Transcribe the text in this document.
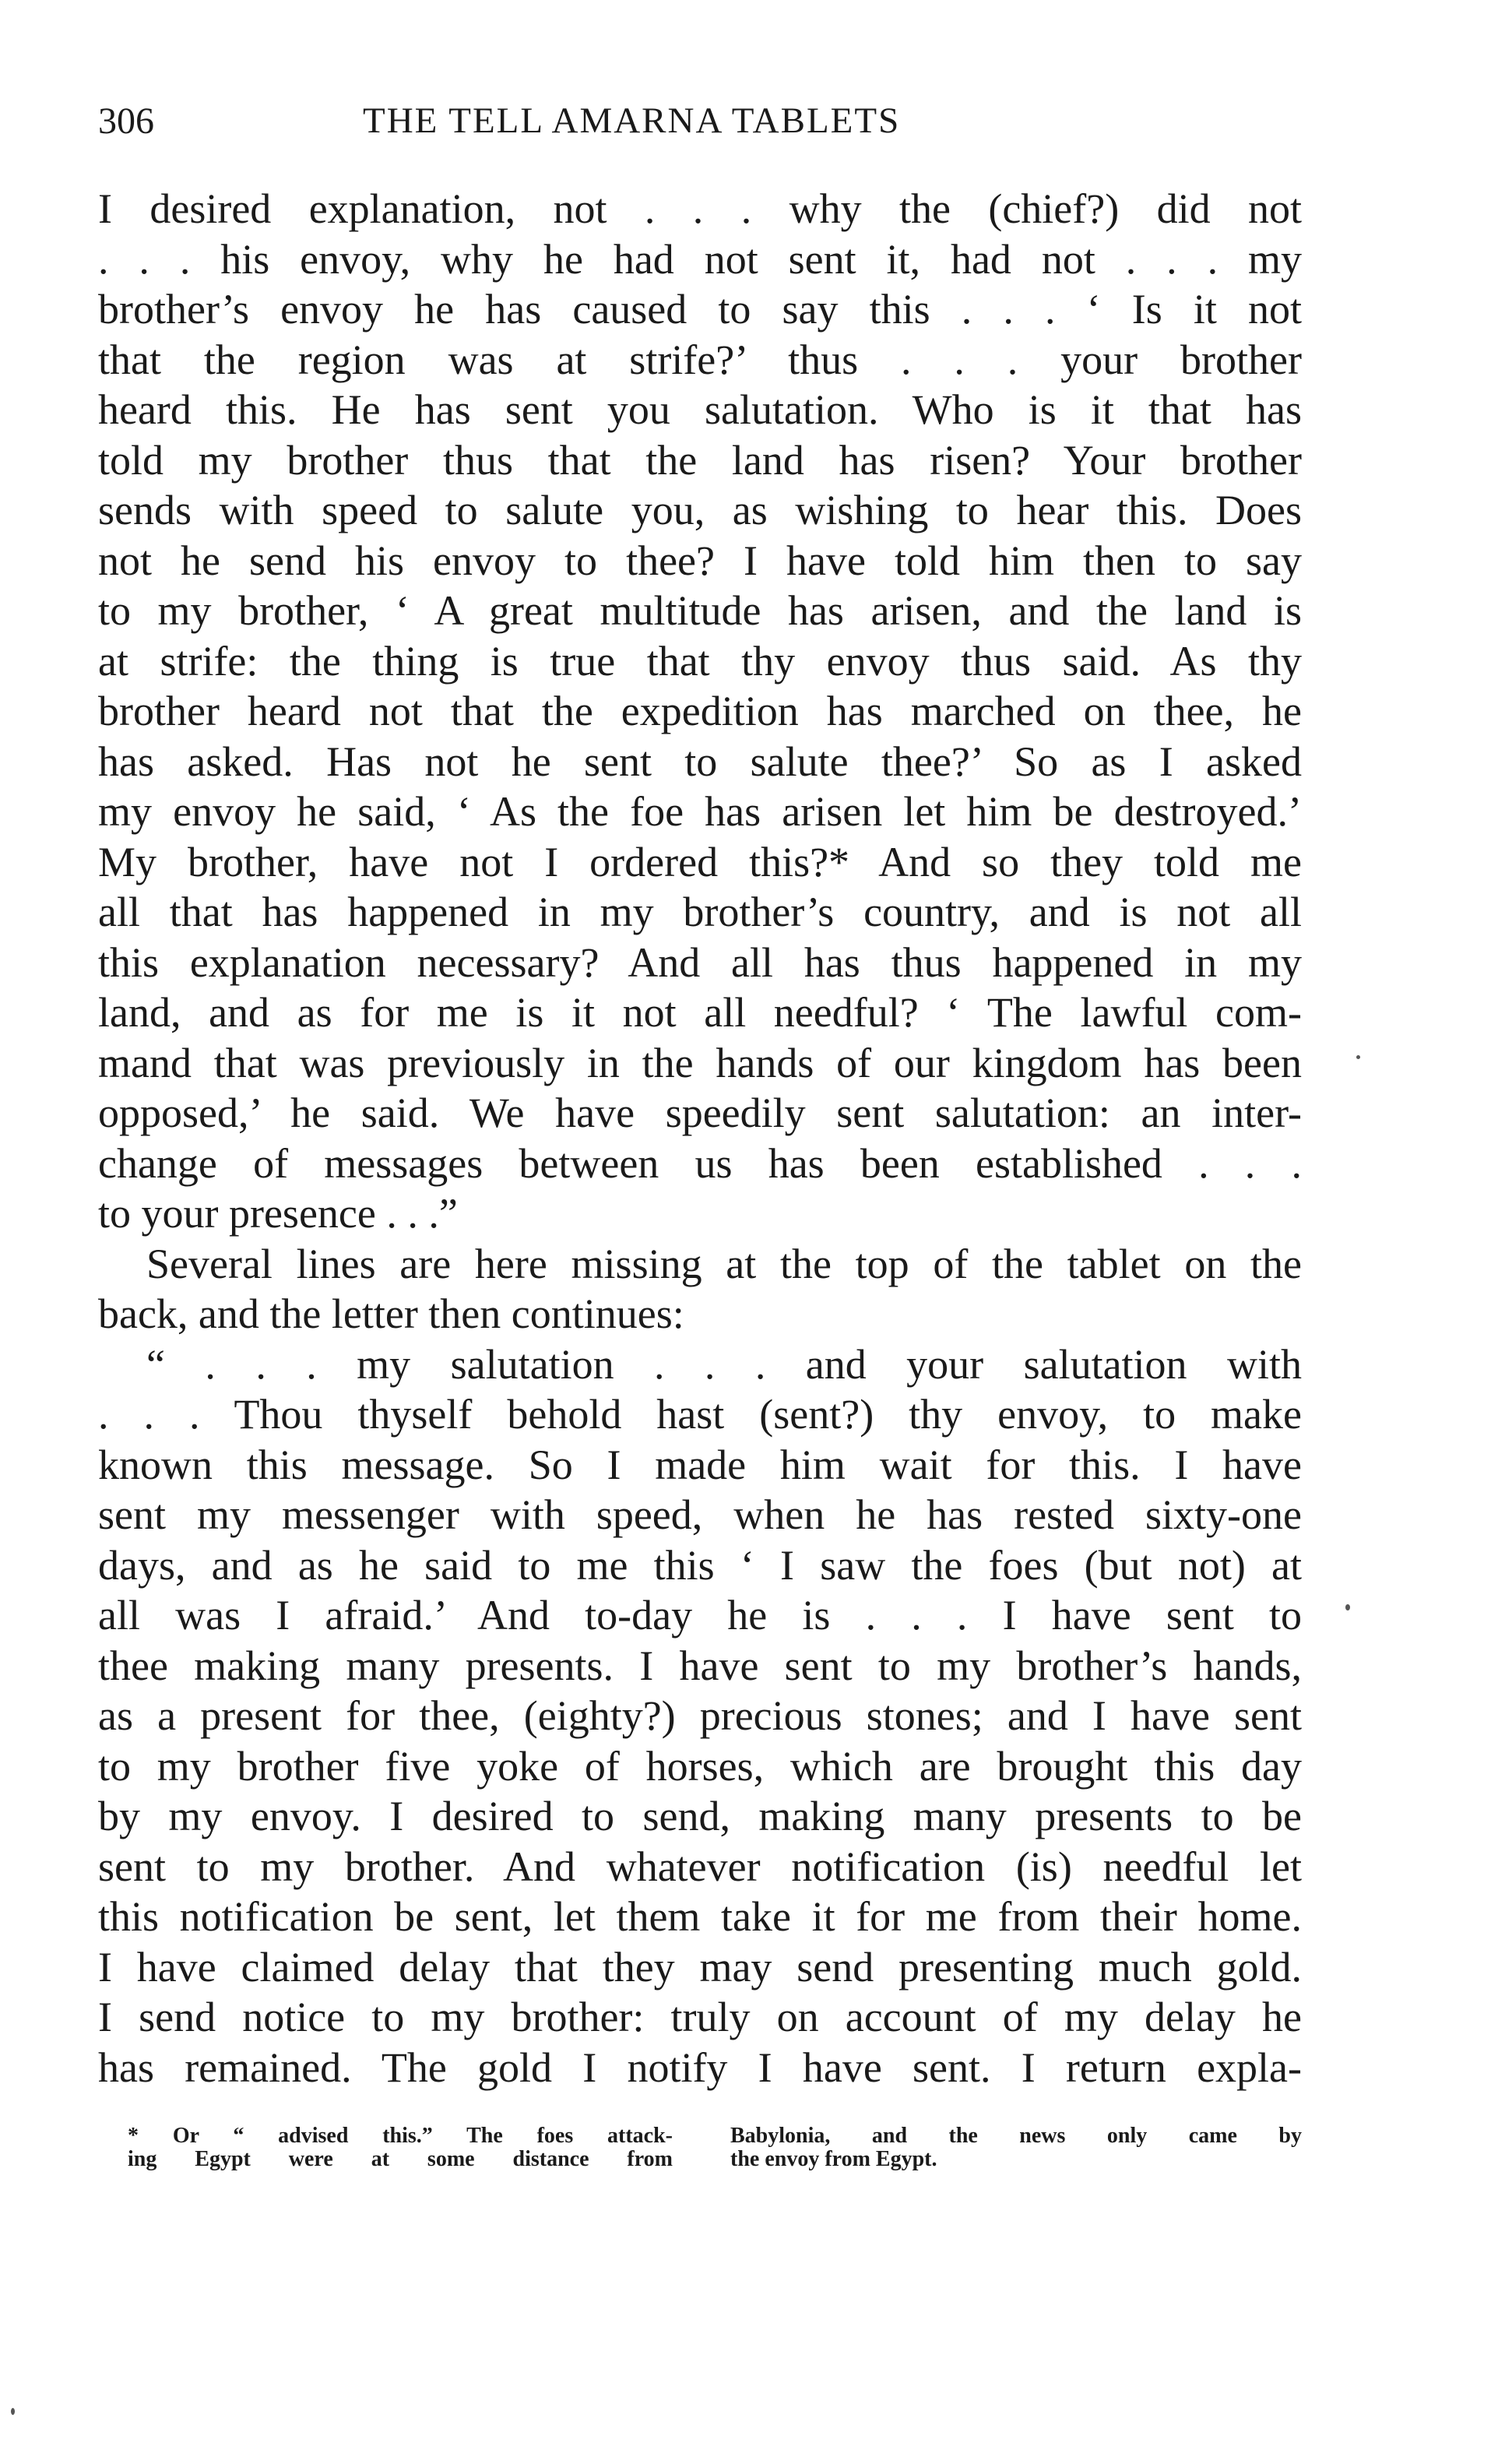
306	THE TELL AMARNA TABLETS
I desired explanation, not . . . why the (chief?) did not
. . . his envoy, why he had not sent it, had not . . . my
brother’s envoy he has caused to say this . . . ‘ Is it not
that the region was at strife?’ thus . . . your brother
heard this. He has sent you salutation. Who is it that has
told my brother thus that the land has risen? Your brother
sends with speed to salute you, as wishing to hear this. Does
not he send his envoy to thee? I have told him then to say
to my brother, ‘ A great multitude has arisen, and the land is
at strife: the thing is true that thy envoy thus said. As thy
brother heard not that the expedition has marched on thee, he
has asked. Has not he sent to salute thee?’ So as I asked
my envoy he said, ‘ As the foe has arisen let him be destroyed.’
My brother, have not I ordered this?* And so they told me
all that has happened in my brother’s country, and is not all
this explanation necessary? And all has thus happened in my
land, and as for me is it not all needful? ‘ The lawful com-
mand that was previously in the hands of our kingdom has been
opposed,’ he said. We have speedily sent salutation: an inter-
change of messages between us has been established . . .
to your presence . . .”
Several lines are here missing at the top of the tablet on the
back, and the letter then continues:
“ . . . my salutation . . . and your salutation with
. . . Thou thyself behold hast (sent?) thy envoy, to make
known this message. So I made him wait for this. I have
sent my messenger with speed, when he has rested sixty-one
days, and as he said to me this ‘ I saw the foes (but not) at
all was I afraid.’ And to-day he is . . . I have sent to
thee making many presents. I have sent to my brother’s hands,
as a present for thee, (eighty?) precious stones; and I have sent
to my brother five yoke of horses, which are brought this day
by my envoy. I desired to send, making many presents to be
sent to my brother. And whatever notification (is) needful let
this notification be sent, let them take it for me from their home.
I have claimed delay that they may send presenting much gold.
I send notice to my brother: truly on account of my delay he
has remained. The gold I notify I have sent. I return expla-
* Or “ advised this.” The foes attack-
ing Egypt were at some distance from
Babylonia, and the news only came by
the envoy from Egypt.
